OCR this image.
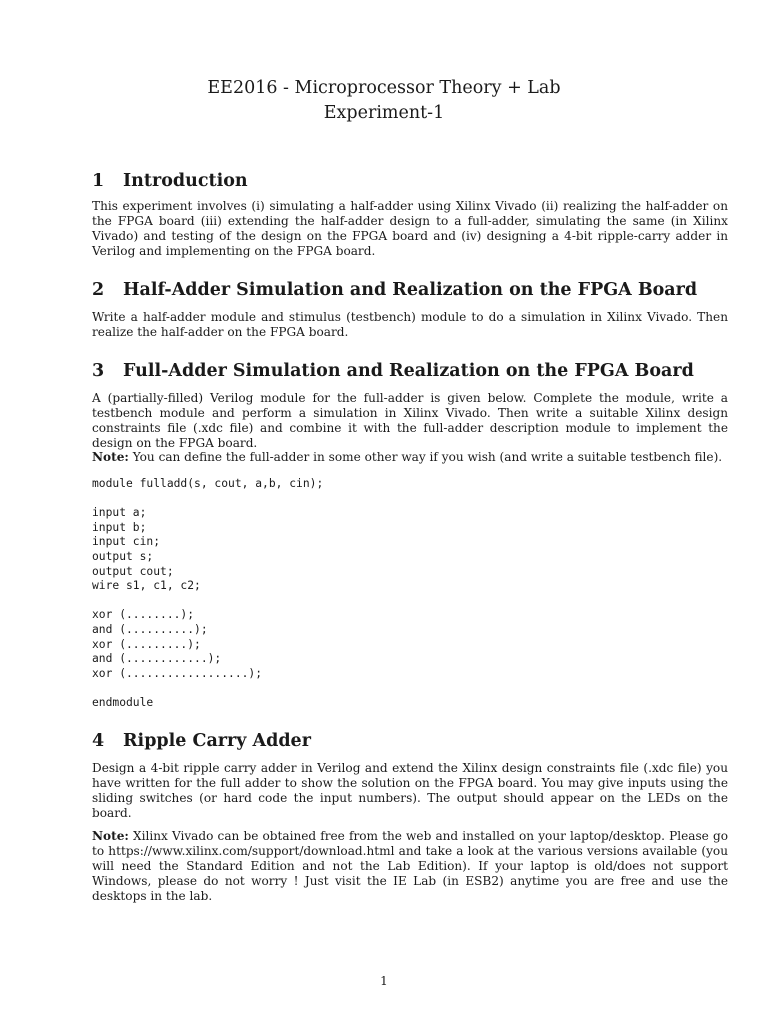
EE2016 - Microprocessor Theory + Lab
Experiment-1
1 Introduction

This experiment involves (i) simulating a half-adder using Xilinx Vivado (ii) realizing the half-adder on the FPGA board (iii) extending the half-adder design to a full-adder, simulating the same (in Xilinx Vivado) and testing of the design on the FPGA board and (iv) designing a 4-bit ripple-carry adder in Verilog and implementing on the FPGA board.

2 Half-Adder Simulation and Realization on the FPGA Board

Write a half-adder module and stimulus (testbench) module to do a simulation in Xilinx Vivado. Then realize the half-adder on the FPGA board.

3 Full-Adder Simulation and Realization on the FPGA Board

A (partially-filled) Verilog module for the full-adder is given below. Complete the module, write a testbench module and perform a simulation in Xilinx Vivado. Then write a suitable Xilinx design constraints file (.xdc file) and combine it with the full-adder description module to implement the design on the FPGA board.

Note: You can define the full-adder in some other way if you wish (and write a suitable testbench file).

module fulladd(s, cout, a,b, cin);
input a;
input b;
input cin;
output s;
output cout;
wire s1, c1, c2;
xor (........);
and (..........);
xor (.........);
and (............);
xor (..................);
endmodule
4 Ripple Carry Adder

Design a 4-bit ripple carry adder in Verilog and extend the Xilinx design constraints file (.xdc file) you have written for the full adder to show the solution on the FPGA board. You may give inputs using the sliding switches (or hard code the input numbers). The output should appear on the LEDs on the board.

Note: Xilinx Vivado can be obtained free from the web and installed on your laptop/desktop. Please go to https://www.xilinx.com/support/download.html and take a look at the various versions available (you will need the Standard Edition and not the Lab Edition). If your laptop is old/does not support Windows, please do not worry ! Just visit the IE Lab (in ESB2) anytime you are free and use the desktops in the lab.

1
